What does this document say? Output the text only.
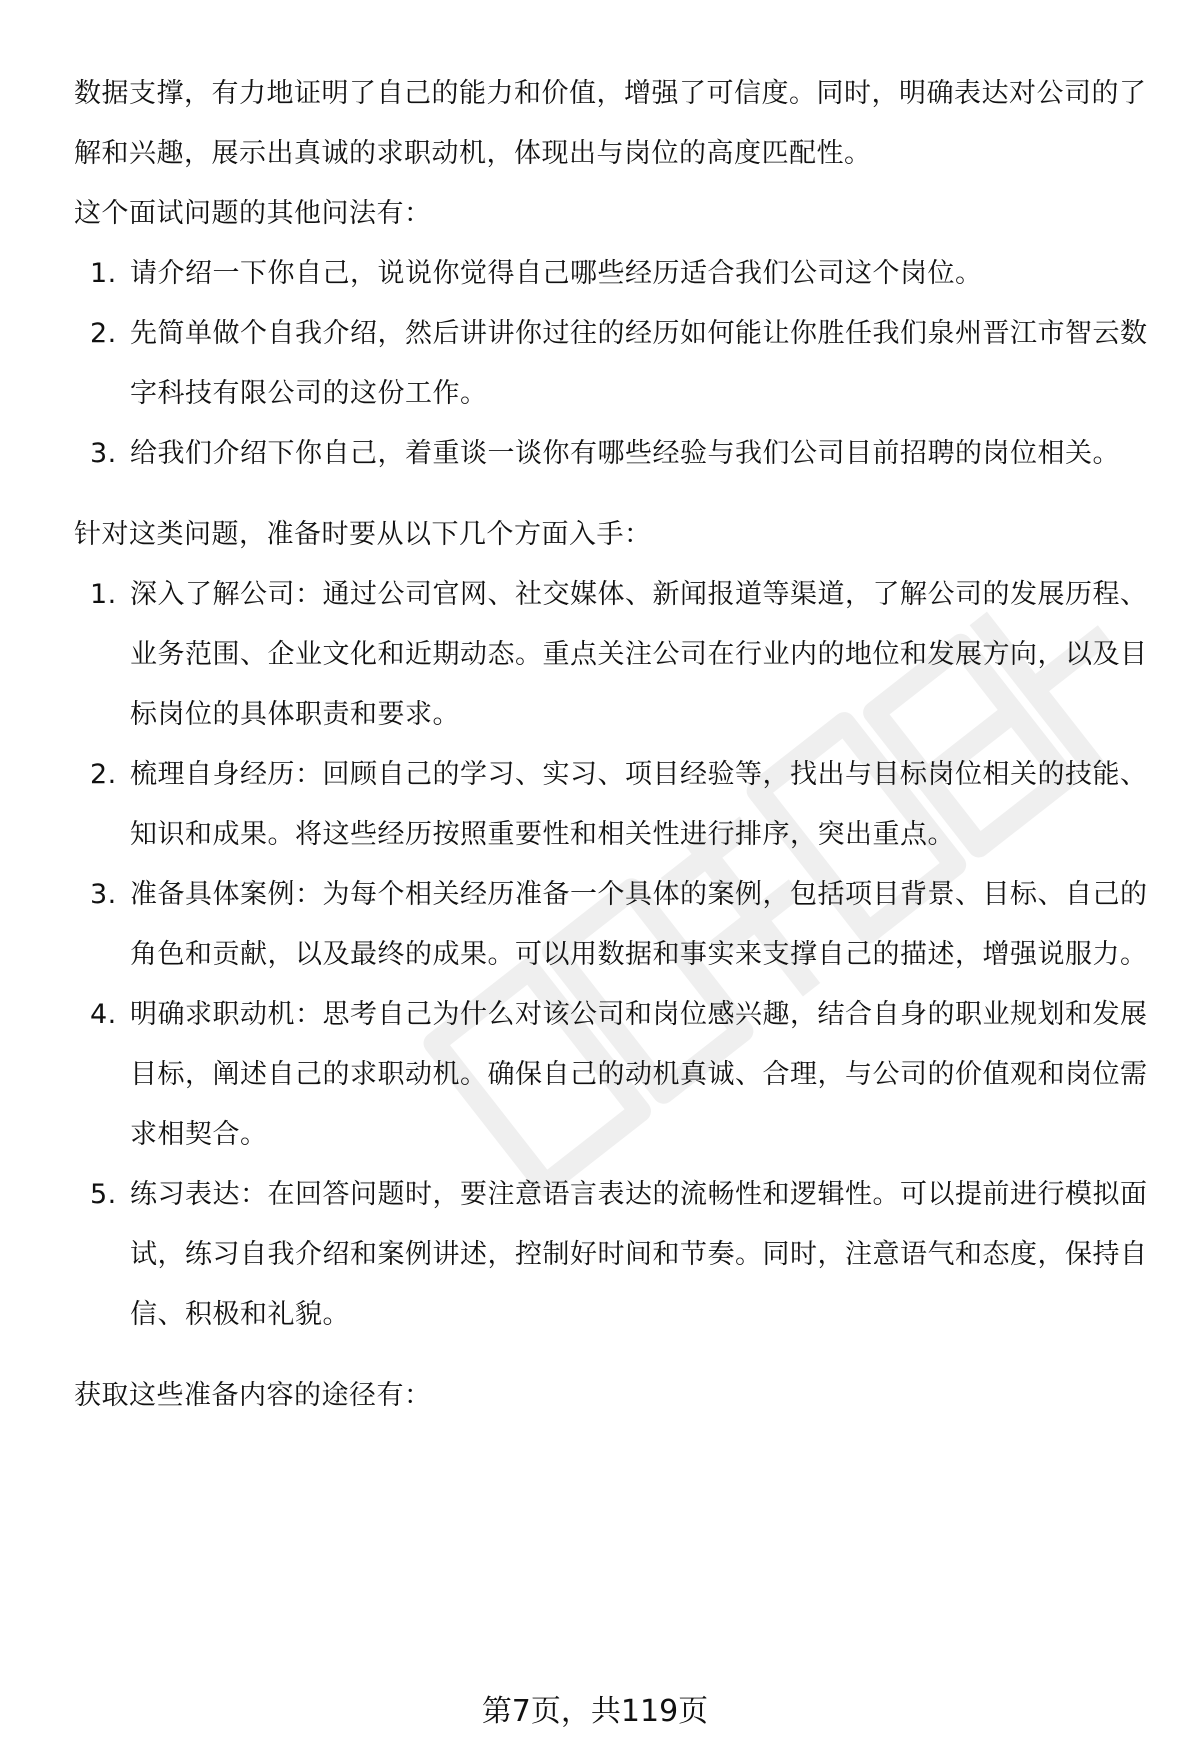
数据支撑，有力地证明了自己的能力和价值，增强了可信度。同时，明确表达对公司的了解和兴趣，展示出真诚的求职动机，体现出与岗位的高度匹配性。

这个面试问题的其他问法有：

1. 请介绍一下你自己，说说你觉得自己哪些经历适合我们公司这个岗位。
2. 先简单做个自我介绍，然后讲讲你过往的经历如何能让你胜任我们泉州晋江市智云数字科技有限公司的这份工作。
3. 给我们介绍下你自己，着重谈一谈你有哪些经验与我们公司目前招聘的岗位相关。

针对这类问题，准备时要从以下几个方面入手：

1. 深入了解公司：通过公司官网、社交媒体、新闻报道等渠道，了解公司的发展历程、业务范围、企业文化和近期动态。重点关注公司在行业内的地位和发展方向，以及目标岗位的具体职责和要求。
2. 梳理自身经历：回顾自己的学习、实习、项目经验等，找出与目标岗位相关的技能、知识和成果。将这些经历按照重要性和相关性进行排序，突出重点。
3. 准备具体案例：为每个相关经历准备一个具体的案例，包括项目背景、目标、自己的角色和贡献，以及最终的成果。可以用数据和事实来支撑自己的描述，增强说服力。
4. 明确求职动机：思考自己为什么对该公司和岗位感兴趣，结合自身的职业规划和发展目标，阐述自己的求职动机。确保自己的动机真诚、合理，与公司的价值观和岗位需求相契合。
5. 练习表达：在回答问题时，要注意语言表达的流畅性和逻辑性。可以提前进行模拟面试，练习自我介绍和案例讲述，控制好时间和节奏。同时，注意语气和态度，保持自信、积极和礼貌。

获取这些准备内容的途径有：

第7页，共119页
